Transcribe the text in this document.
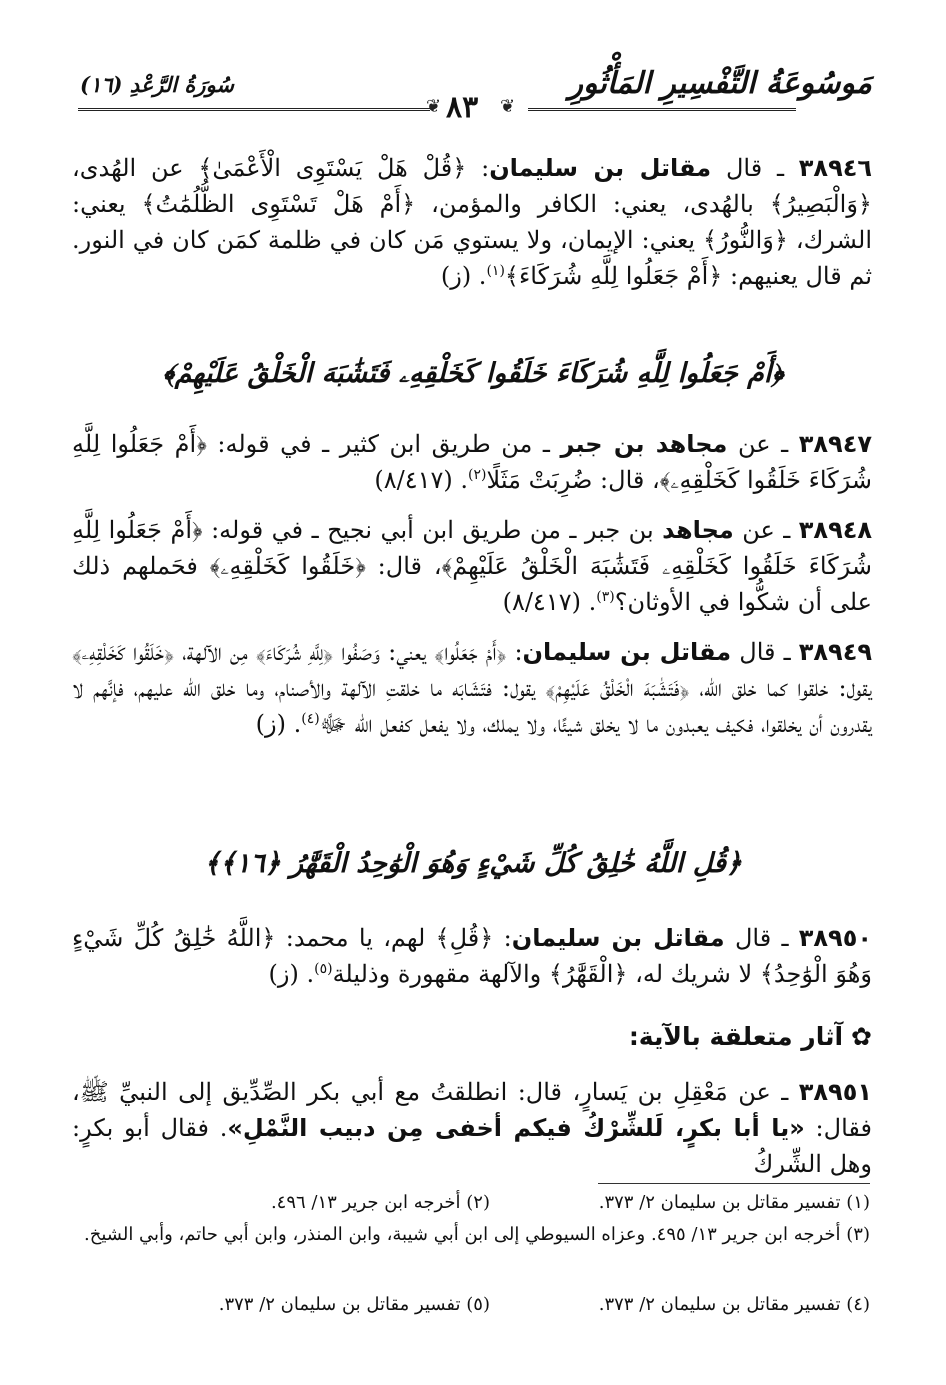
مَوسُوعَةُ التَّفْسِيرِ المَأْثُورِ
سُورَةُ الرَّعْدِ (١٦)
❦
٨٣
❦
٣٨٩٤٦ ـ قال مقاتل بن سليمان: ﴿قُلْ هَلْ يَسْتَوِى الْأَعْمَىٰ﴾ عن الهُدى، ﴿وَالْبَصِيرُ﴾ بالهُدى، يعني: الكافر والمؤمن، ﴿أَمْ هَلْ تَسْتَوِى الظُّلُمَٰتُ﴾ يعني: الشرك، ﴿وَالنُّورُ﴾ يعني: الإيمان، ولا يستوي مَن كان في ظلمة كمَن كان في النور. ثم قال يعنيهم: ﴿أَمْ جَعَلُوا لِلَّهِ شُرَكَاءَ﴾$^{(١)}$. (ز)
﴿أَمْ جَعَلُوا لِلَّهِ شُرَكَاءَ خَلَقُوا كَخَلْقِهِۦ فَتَشَٰبَهَ الْخَلْقُ عَلَيْهِمْ﴾
٣٨٩٤٧ ـ عن مجاهد بن جبر ـ من طريق ابن كثير ـ في قوله: ﴿أَمْ جَعَلُوا لِلَّهِ شُرَكَاءَ خَلَقُوا كَخَلْقِهِۦ﴾، قال: ضُرِبَتْ مَثَلًا$^{(٢)}$. (٨/٤١٧)
٣٨٩٤٨ ـ عن مجاهد بن جبر ـ من طريق ابن أبي نجيح ـ في قوله: ﴿أَمْ جَعَلُوا لِلَّهِ شُرَكَاءَ خَلَقُوا كَخَلْقِهِۦ فَتَشَٰبَهَ الْخَلْقُ عَلَيْهِمْ﴾، قال: ﴿خَلَقُوا كَخَلْقِهِۦ﴾ فحَملهم ذلك على أن شكُّوا في الأوثان؟$^{(٣)}$. (٨/٤١٧)
٣٨٩٤٩ ـ قال مقاتل بن سليمان: ﴿أَمْ جَعَلُوا﴾ يعني: وَصَفُوا ﴿لِلَّهِ شُرَكَاءَ﴾ مِن الآلهة، ﴿خَلَقُوا كَخَلْقِهِۦ﴾ يقول: خلقوا كما خلق الله، ﴿فَتَشَٰبَهَ الْخَلْقُ عَلَيْهِمْ﴾ يقول: فتَشَابَه ما خلقتِ الآلهة والأصنام، وما خلق الله عليهم، فإنَّهم لا يقدرون أن يخلقوا، فكيف يعبدون ما لا يخلق شيئًا، ولا يملك، ولا يفعل كفعل الله ﷻ$^{(٤)}$. (ز)
﴿قُلِ اللَّهُ خَٰلِقُ كُلِّ شَيْءٍ وَهُوَ الْوَٰحِدُ الْقَهَّٰرُ ﴿١٦﴾﴾
٣٨٩٥٠ ـ قال مقاتل بن سليمان: ﴿قُلِ﴾ لهم، يا محمد: ﴿اللَّهُ خَٰلِقُ كُلِّ شَيْءٍ وَهُوَ الْوَٰحِدُ﴾ لا شريك له، ﴿الْقَهَّٰرُ﴾ والآلهة مقهورة وذليلة$^{(٥)}$. (ز)
✿آثار متعلقة بالآية:
٣٨٩٥١ ـ عن مَعْقِلِ بن يَسارٍ، قال: انطلقتُ مع أبي بكر الصِّدِّيق إلى النبيِّ ﷺ، فقال: «يا أبا بكرٍ، لَلشِّرْكُ فيكم أخفى مِن دبيب النَّمْلِ». فقال أبو بكرٍ: وهل الشِّركُ
(١) تفسير مقاتل بن سليمان ٢/ ٣٧٣.
(٢) أخرجه ابن جرير ١٣/ ٤٩٦.
(٣) أخرجه ابن جرير ١٣/ ٤٩٥. وعزاه السيوطي إلى ابن أبي شيبة، وابن المنذر، وابن أبي حاتم، وأبي الشيخ.
(٤) تفسير مقاتل بن سليمان ٢/ ٣٧٣.
(٥) تفسير مقاتل بن سليمان ٢/ ٣٧٣.
